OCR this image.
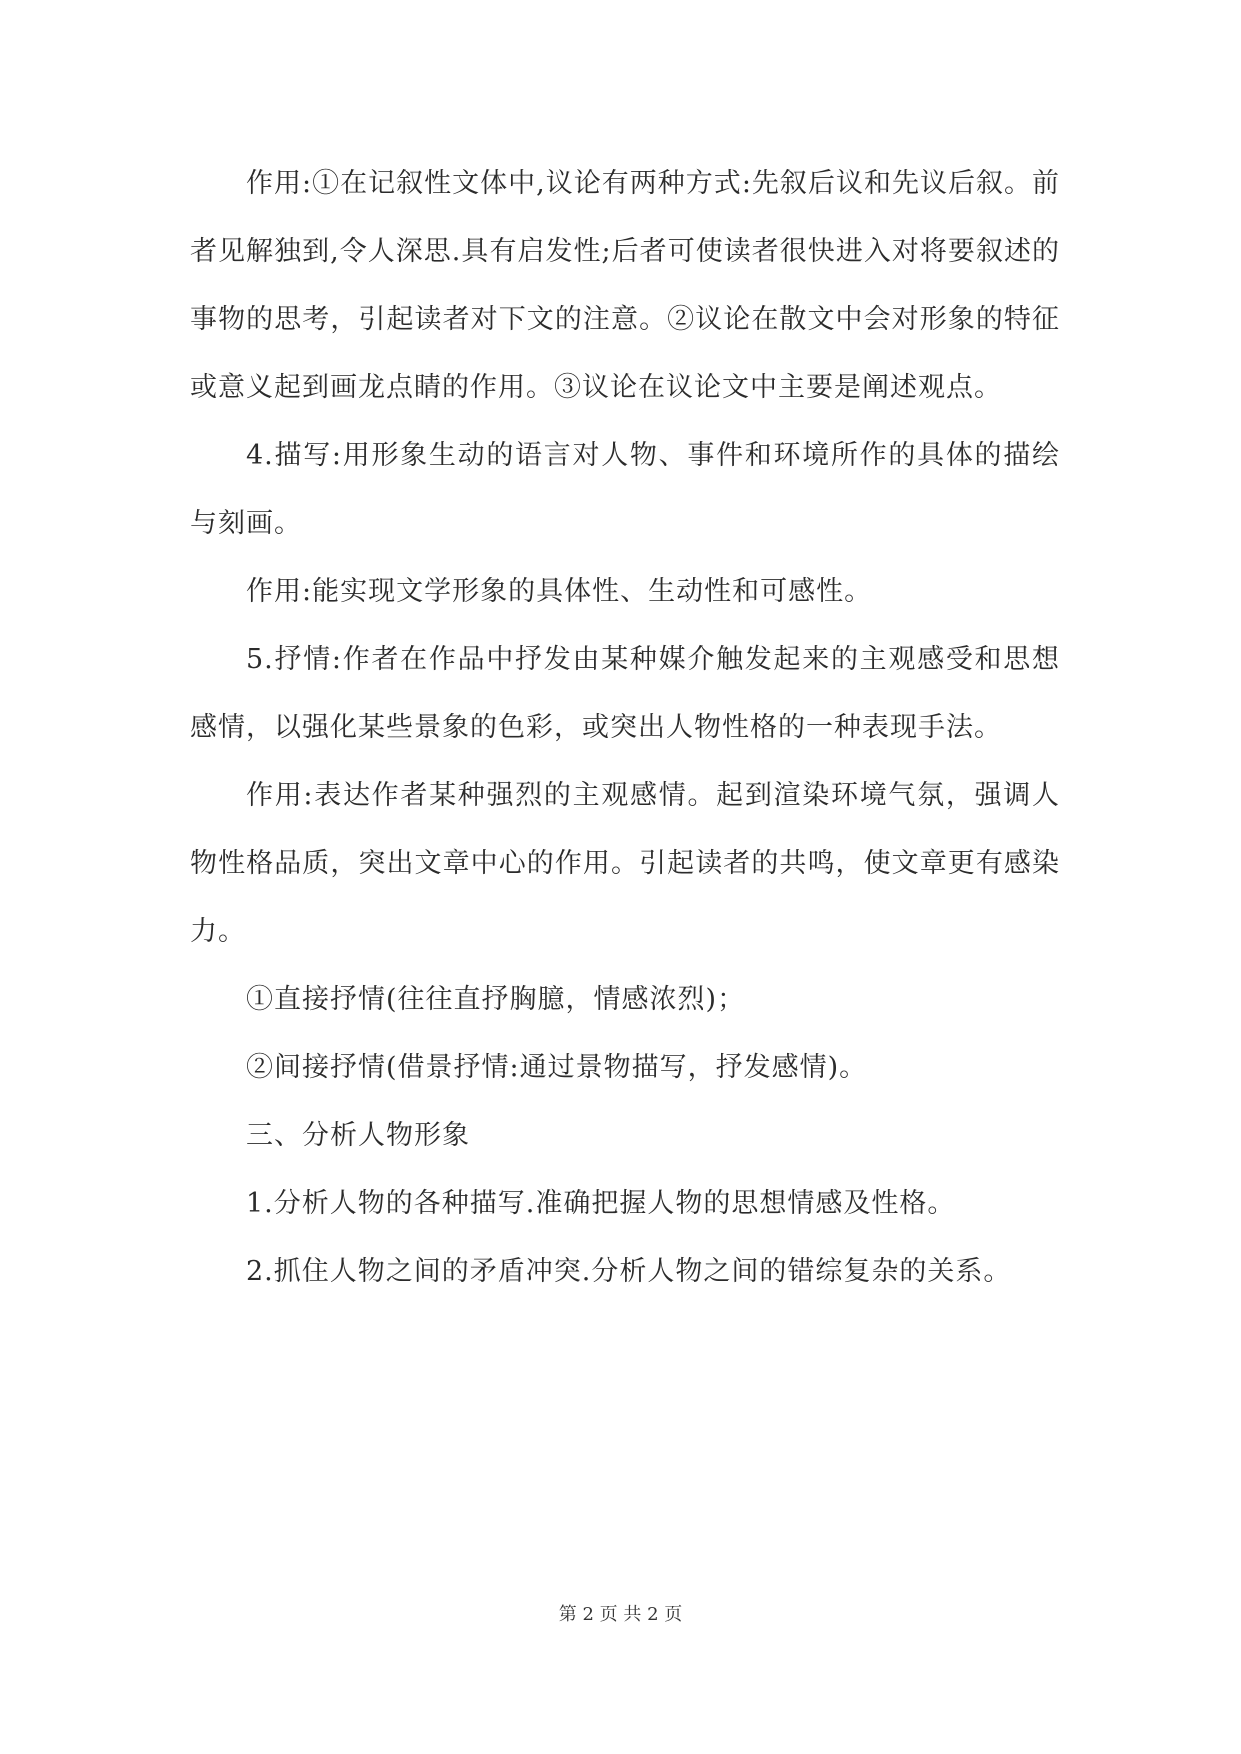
作用:①在记叙性文体中,议论有两种方式:先叙后议和先议后叙。前者见解独到,令人深思.具有启发性;后者可使读者很快进入对将要叙述的事物的思考，引起读者对下文的注意。②议论在散文中会对形象的特征或意义起到画龙点睛的作用。③议论在议论文中主要是阐述观点。

4.描写:用形象生动的语言对人物、事件和环境所作的具体的描绘与刻画。

作用:能实现文学形象的具体性、生动性和可感性。

5.抒情:作者在作品中抒发由某种媒介触发起来的主观感受和思想感情，以强化某些景象的色彩，或突出人物性格的一种表现手法。

作用:表达作者某种强烈的主观感情。起到渲染环境气氛，强调人物性格品质，突出文章中心的作用。引起读者的共鸣，使文章更有感染力。

①直接抒情(往往直抒胸臆，情感浓烈)；

②间接抒情(借景抒情:通过景物描写，抒发感情)。

三、分析人物形象

1.分析人物的各种描写.准确把握人物的思想情感及性格。

2.抓住人物之间的矛盾冲突.分析人物之间的错综复杂的关系。

第 2 页 共 2 页
